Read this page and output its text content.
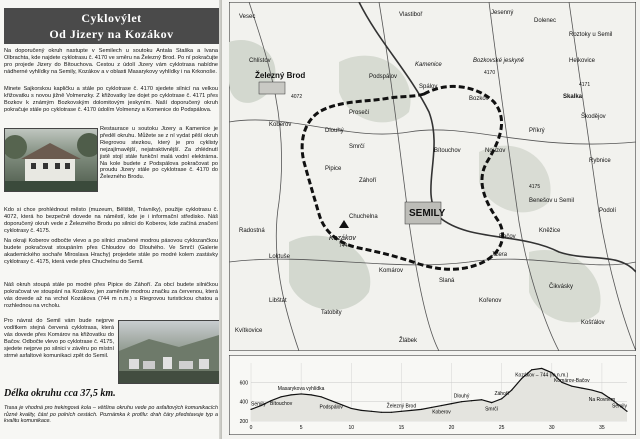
Cyklovýlet
Od Jizery na Kozákov
Na doporučený okruh nastupte v Semilech u soutoku Antala Staška a Ivana Olbrachta, kde najdete cyklotrasu č. 4170 ve směru na Železný Brod. Po ní pokračujte pro projede Jizery do Bítouchova. Cestou z údolí Jizery vám cyklotrasa nabídne nádherné vyhlídky na Semily, Kozákov a v oblasti Masarykovy vyhlídky i na Krkonoše.
Minete Sajkorskou kapličku a stále po cyklotrase č. 4170 sjedete silnicí na velkou křižovatku s novou jižně Volmenzky. Z křižovatky lze dojet po cyklotrase č. 4171 přes Bozkov k známým Bozkovským dolomitovým jeskyním. Naší doporučený okruh pokračuje stále po cyklotrase č. 4170 údolím Volmenzy a Komenice do Podspálova.
Restaurace u soutoku Jizery a Kamenice je předěl okruhu. Můžete se z ní vydat pěší okruh Riegrovou stezkou, který je pro cyklisty nejzajímavější, nejatraktivnější. Za zhlédnutí jistě stojí stále funkční malá vodní elektrárna. Na kole budete z Podspálova pokračovat po proudu Jizery stále po cyklotrase č. 4170 do Železného Brodu.
Kdo si chce prohlédnout město (muzeum, Běliště, Trávníky), použije cyklotrasu č. 4072, která ho bezpečně dovede na náměstí, kde je i informační středisko. Náš doporučený okruh vede z Železného Brodu po silnici do Koberov, kde začíná značení cyklotrasy č. 4175.
Na okraji Koberov odbočte vlevo a po silnici značené modrou pásovou cyklozančkou budete pokračovat stoupáním přes Chloudov do Dlouhého. Ve Smrčí (Galerie akademického sochaře Miroslava Hrachy) projedete stále po modré kolem zastávky cyklotrasy č. 4175, která vede přes Chuchelnu do Semil.
Náš okruh stoupá stále po modré přes Pipice do Záhoří. Za obcí budete silničkou pokračovat ve stoupání na Kozákov, jen zaměníte modrou značku za červenou, která vás dovede až na vrchol Kozákova (744 m n.m.) s Riegrovou turistickou chatou a rozhlednou na vrcholu.
Pro návrat do Semil vám bude nejprve vodítkem stejná červená cyklotrasa, která vás dovede přes Komárov na křižovatku do Bačov. Odbočte vlevo po cyklotrase č. 4175, sjedete nejprve po silnici v závěru po místní strmé asfaltové komunikaci zpět do Semil.
Délka okruhu cca 37,5 km.
Trasa je vhodná pro trekingová kola – většina okruhu vede po asfaltových komunikacích různé kvality, část po polních cestách. Poznámka k profilu: drah čáry představuje typ a kvalitu komunikace.
Vesec	Vlastiboř	Jesenný
Dolenec
Roztoky u Semil
Chlístov
Železný Brod
Bozkovské jeskyně	Helkovice
Podspálov
Spálov
Bozkov	Skalka
Škodějov
Koberov
Dlouhý
Prosečí
Smrčí
Bítouchov	Nouzov
Pipice
Záhoří
Chuchelna	SEMILY
Kozákov
744
Komárov
Slaná
Kořenov
Tatobity
Čikvásky
Kněžice
Podolí
Rybnice
Benešov u Semil
Košťálov
Libštát
Loktuše
Radostná
Kvítkovice
Žlábek
Jizera
Bačov
Kamenice
Příkrý
4170
4171
4175
4072
Semily Bítouchov
Masarykova vyhlídka
Podspálov	Železný Brod
Koberov
Dlouhý
Smrčí
Záhoří
Kozákov – 744 (m n.m.)
Komárov-Bačov
Na Rovném
Semily
0	5	10	15	20	25	30	35
200
400
600
